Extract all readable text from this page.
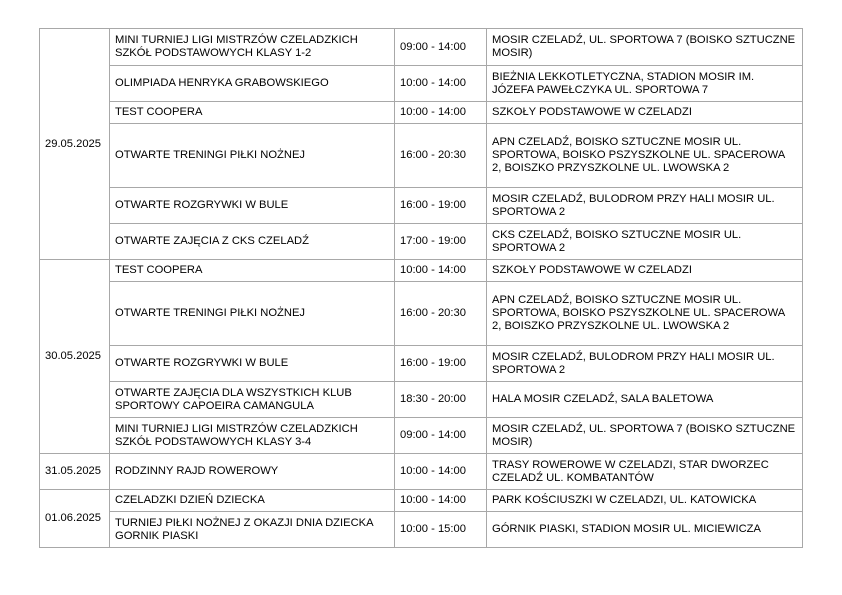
29.05.2025	MINI TURNIEJ LIGI MISTRZÓW CZELADZKICH SZKÓŁ PODSTAWOWYCH KLASY 1-2	09:00 - 14:00	MOSIR CZELADŹ, UL. SPORTOWA 7 (BOISKO SZTUCZNE MOSIR)
	OLIMPIADA HENRYKA GRABOWSKIEGO	10:00 - 14:00	BIEŻNIA LEKKOTLETYCZNA, STADION MOSIR IM. JÓZEFA PAWEŁCZYKA UL. SPORTOWA 7
	TEST COOPERA	10:00 - 14:00	SZKOŁY PODSTAWOWE W CZELADZI
	OTWARTE TRENINGI PIŁKI NOŻNEJ	16:00 - 20:30	APN CZELADŹ, BOISKO SZTUCZNE MOSIR UL. SPORTOWA, BOISKO PSZYSZKOLNE UL. SPACEROWA 2, BOISZKO PRZYSZKOLNE UL. LWOWSKA 2
	OTWARTE ROZGRYWKI W BULE	16:00 - 19:00	MOSIR CZELADŹ, BULODROM PRZY HALI MOSIR UL. SPORTOWA 2
	OTWARTE ZAJĘCIA Z CKS CZELADŹ	17:00 - 19:00	CKS CZELADŹ, BOISKO SZTUCZNE MOSIR UL. SPORTOWA 2
30.05.2025	TEST COOPERA	10:00 - 14:00	SZKOŁY PODSTAWOWE W CZELADZI
	OTWARTE TRENINGI PIŁKI NOŻNEJ	16:00 - 20:30	APN CZELADŹ, BOISKO SZTUCZNE MOSIR UL. SPORTOWA, BOISKO PSZYSZKOLNE UL. SPACEROWA 2, BOISZKO PRZYSZKOLNE UL. LWOWSKA 2
	OTWARTE ROZGRYWKI W BULE	16:00 - 19:00	MOSIR CZELADŹ, BULODROM PRZY HALI MOSIR UL. SPORTOWA 2
	OTWARTE ZAJĘCIA DLA WSZYSTKICH KLUB SPORTOWY CAPOEIRA CAMANGULA	18:30 - 20:00	HALA MOSIR CZELADŹ, SALA BALETOWA
	MINI TURNIEJ LIGI MISTRZÓW CZELADZKICH SZKÓŁ PODSTAWOWYCH KLASY 3-4	09:00 - 14:00	MOSIR CZELADŹ, UL. SPORTOWA 7 (BOISKO SZTUCZNE MOSIR)
31.05.2025	RODZINNY RAJD ROWEROWY	10:00 - 14:00	TRASY ROWEROWE W CZELADZI, STAR DWORZEC CZELADŹ UL. KOMBATANTÓW
01.06.2025	CZELADZKI DZIEŃ DZIECKA	10:00 - 14:00	PARK KOŚCIUSZKI W CZELADZI, UL. KATOWICKA
	TURNIEJ PIŁKI NOŻNEJ Z OKAZJI DNIA DZIECKA GORNIK PIASKI	10:00 - 15:00	GÓRNIK PIASKI, STADION MOSIR UL. MICIEWICZA
